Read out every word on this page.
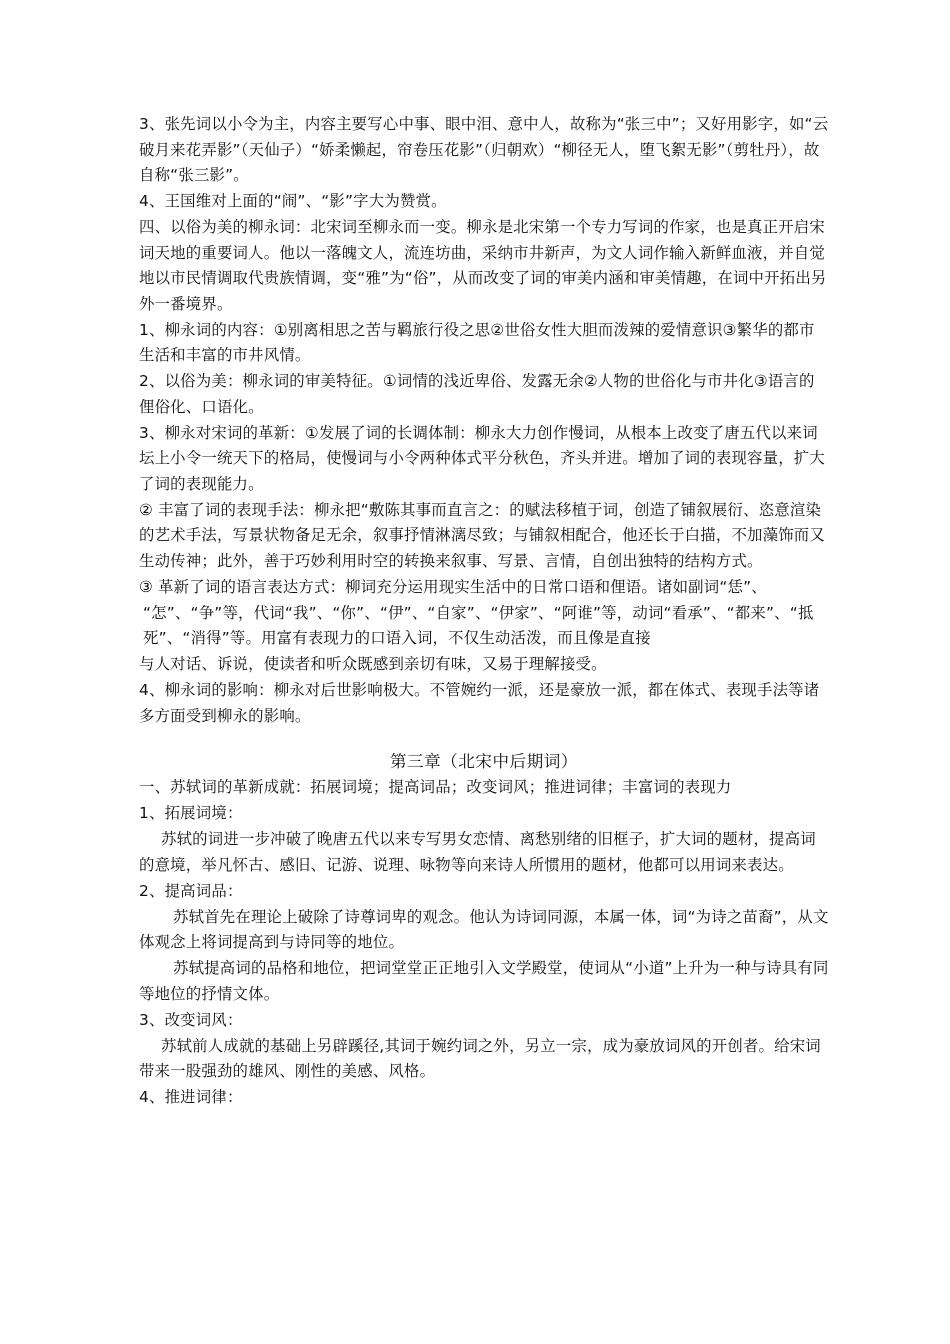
3、张先词以小令为主，内容主要写心中事、眼中泪、意中人，故称为“张三中”；又好用影字，如“云破月来花弄影”（天仙子）“娇柔懒起，帘卷压花影”（归朝欢）“柳径无人，堕飞絮无影”（剪牡丹），故自称“张三影”。

4、王国维对上面的“闹”、“影”字大为赞赏。

四、以俗为美的柳永词：北宋词至柳永而一变。柳永是北宋第一个专力写词的作家，也是真正开启宋词天地的重要词人。他以一落魄文人，流连坊曲，采纳市井新声，为文人词作输入新鲜血液，并自觉地以市民情调取代贵族情调，变“雅”为“俗”，从而改变了词的审美内涵和审美情趣，在词中开拓出另外一番境界。

1、柳永词的内容：①别离相思之苦与羁旅行役之思②世俗女性大胆而泼辣的爱情意识③繁华的都市生活和丰富的市井风情。

2、以俗为美：柳永词的审美特征。①词情的浅近卑俗、发露无余②人物的世俗化与市井化③语言的俚俗化、口语化。

3、柳永对宋词的革新：①发展了词的长调体制：柳永大力创作慢词，从根本上改变了唐五代以来词坛上小令一统天下的格局，使慢词与小令两种体式平分秋色，齐头并进。增加了词的表现容量，扩大了词的表现能力。

② 丰富了词的表现手法：柳永把“敷陈其事而直言之：的赋法移植于词，创造了铺叙展衍、恣意渲染的艺术手法，写景状物备足无余，叙事抒情淋漓尽致；与铺叙相配合，他还长于白描，不加藻饰而又生动传神；此外，善于巧妙利用时空的转换来叙事、写景、言情，自创出独特的结构方式。

③ 革新了词的语言表达方式：柳词充分运用现实生活中的日常口语和俚语。诸如副词“恁”、

“怎”、“争”等，代词“我”、“你”、“伊”、“自家”、“伊家”、“阿谁”等，动词“看承”、“都来”、“抵死”、“消得”等。用富有表现力的口语入词，不仅生动活泼，而且像是直接

与人对话、诉说，使读者和听众既感到亲切有味，又易于理解接受。

4、柳永词的影响：柳永对后世影响极大。不管婉约一派，还是豪放一派，都在体式、表现手法等诸多方面受到柳永的影响。

第三章（北宋中后期词）

一、苏轼词的革新成就：拓展词境；提高词品；改变词风；推进词律；丰富词的表现力

1、拓展词境：

苏轼的词进一步冲破了晚唐五代以来专写男女恋情、离愁别绪的旧框子，扩大词的题材，提高词的意境，举凡怀古、感旧、记游、说理、咏物等向来诗人所惯用的题材，他都可以用词来表达。

2、提高词品：

苏轼首先在理论上破除了诗尊词卑的观念。他认为诗词同源，本属一体，词“为诗之苗裔”，从文体观念上将词提高到与诗同等的地位。

苏轼提高词的品格和地位，把词堂堂正正地引入文学殿堂，使词从“小道”上升为一种与诗具有同等地位的抒情文体。

3、改变词风：

苏轼前人成就的基础上另辟蹊径,其词于婉约词之外，另立一宗，成为豪放词风的开创者。给宋词带来一股强劲的雄风、刚性的美感、风格。

4、推进词律：
